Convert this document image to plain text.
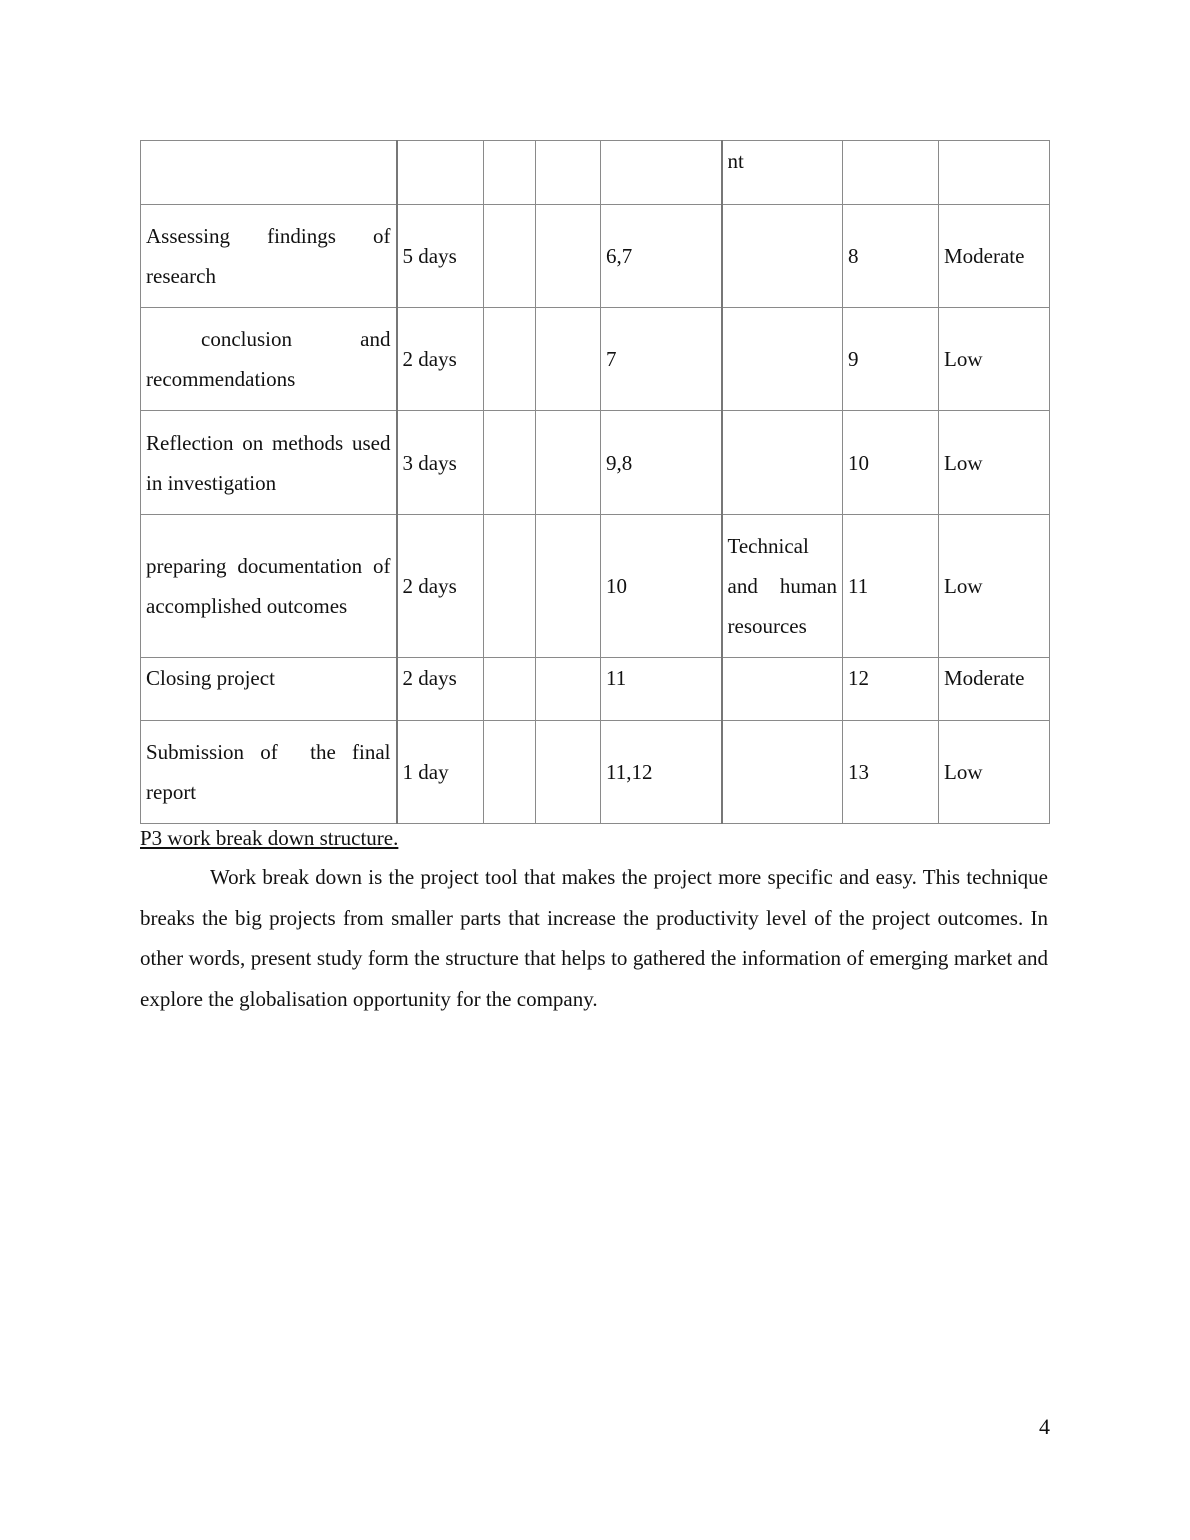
					nt		
Assessing findings of research	5 days			6,7		8	Moderate
conclusion and recommendations	2 days			7		9	Low
Reflection on methods used in investigation	3 days			9,8		10	Low
preparing documentation of accomplished outcomes	2 days			10	Technical and human resources	11	Low
Closing project	2 days			11		12	Moderate
Submission of  the final report	1 day			11,12		13	Low

P3 work break down structure.

Work break down is the project tool that makes the project more specific and easy. This technique breaks the big projects from smaller parts that increase the productivity level of the project outcomes. In other words, present study form the structure that helps to gathered the information of emerging market and explore the globalisation opportunity for the company.

4
